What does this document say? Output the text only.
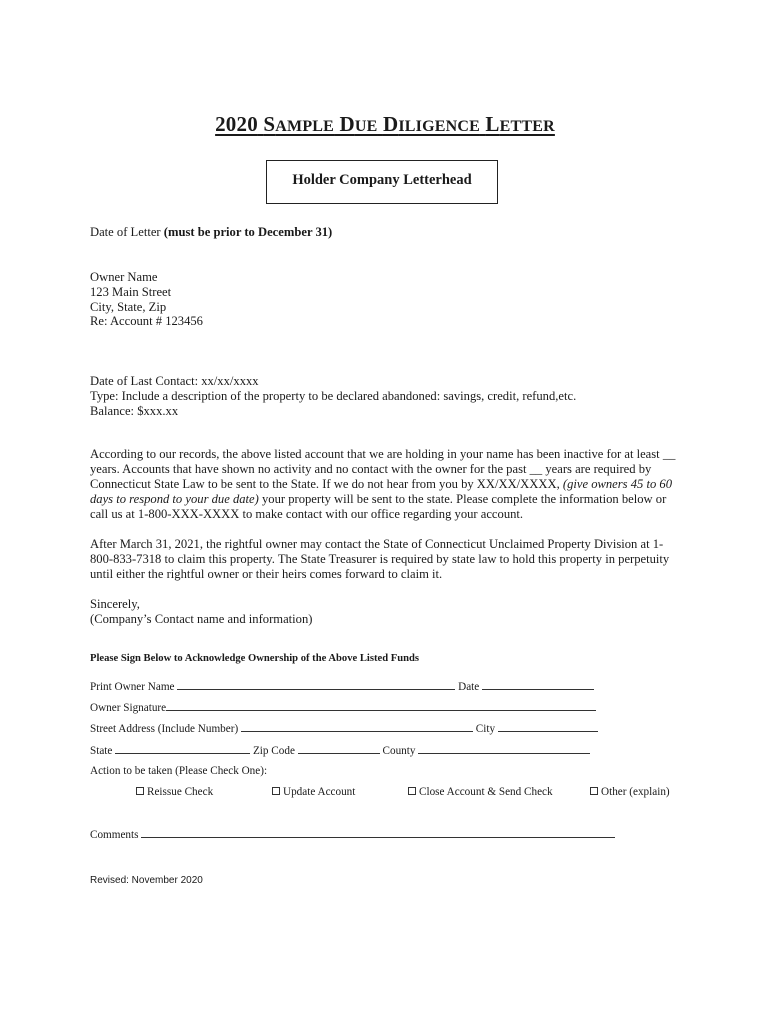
2020 SAMPLE DUE DILIGENCE LETTER
Holder Company Letterhead
Date of Letter (must be prior to December 31)
Owner Name
123 Main Street
City, State, Zip
Re: Account # 123456
Date of Last Contact: xx/xx/xxxx
Type: Include a description of the property to be declared abandoned: savings, credit, refund,etc.
Balance: $xxx.xx
According to our records, the above listed account that we are holding in your name has been inactive for at least __
years. Accounts that have shown no activity and no contact with the owner for the past __ years are required by
Connecticut State Law to be sent to the State. If we do not hear from you by XX/XX/XXXX, (give owners 45 to 60
days to respond to your due date) your property will be sent to the state. Please complete the information below or
call us at 1-800-XXX-XXXX to make contact with our office regarding your account.
After March 31, 2021, the rightful owner may contact the State of Connecticut Unclaimed Property Division at 1-
800-833-7318 to claim this property. The State Treasurer is required by state law to hold this property in perpetuity
until either the rightful owner or their heirs comes forward to claim it.
Sincerely,
(Company’s Contact name and information)
Please Sign Below to Acknowledge Ownership of the Above Listed Funds
Print Owner Name	Date
Owner Signature
Street Address (Include Number)	City
State	Zip Code	County
Action to be taken (Please Check One):
Reissue Check	Update Account	Close Account & Send Check	Other (explain)
Comments
Revised: November 2020
